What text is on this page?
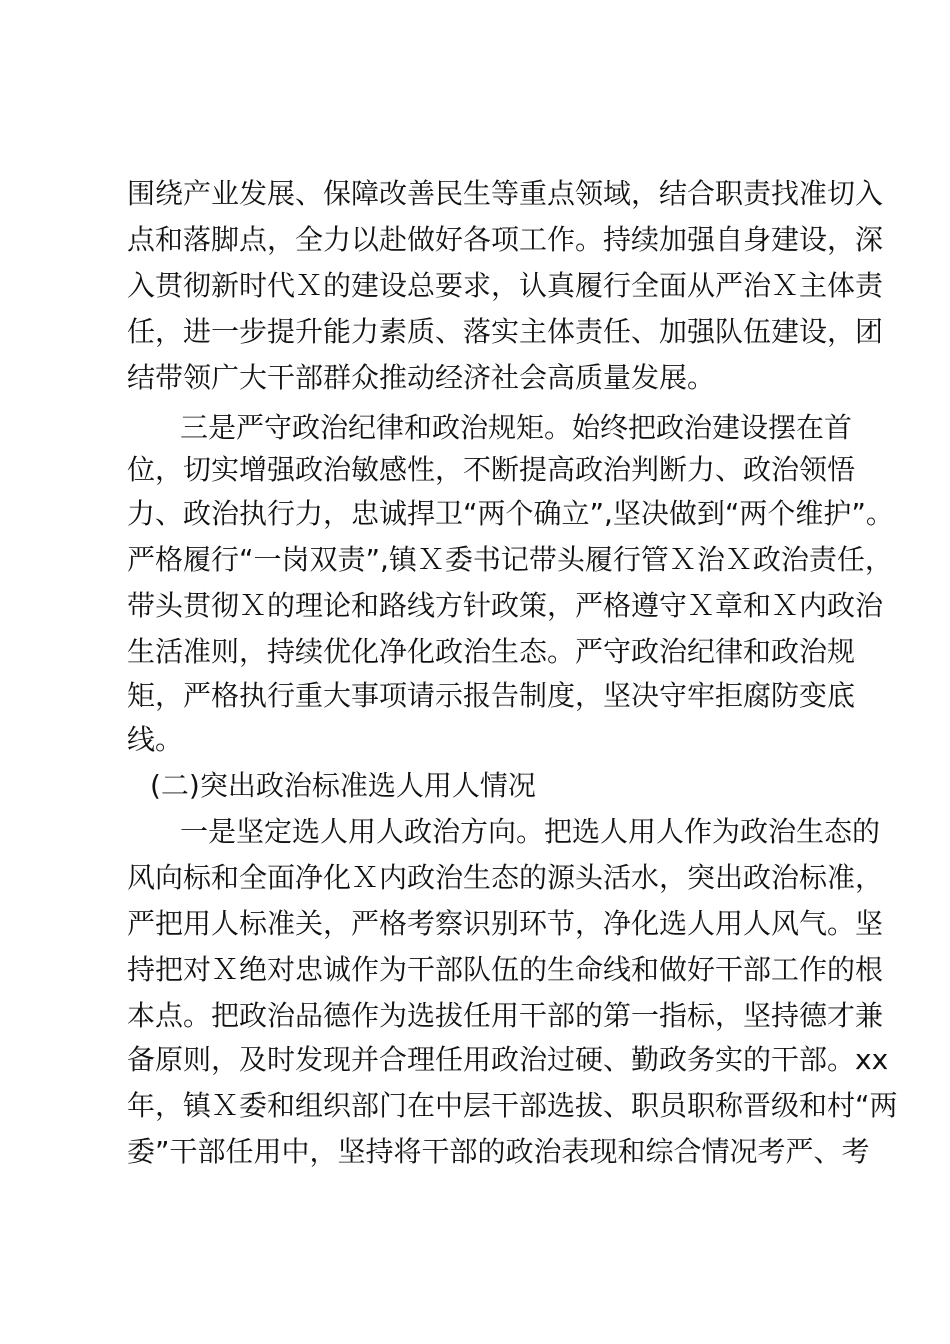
围绕产业发展、保障改善民生等重点领域，结合职责找准切入
点和落脚点，全力以赴做好各项工作。持续加强自身建设，深
入贯彻新时代Ｘ的建设总要求，认真履行全面从严治Ｘ主体责
任，进一步提升能力素质、落实主体责任、加强队伍建设，团
结带领广大干部群众推动经济社会高质量发展。
三是严守政治纪律和政治规矩。始终把政治建设摆在首
位，切实增强政治敏感性，不断提高政治判断力、政治领悟
力、政治执行力，忠诚捍卫“两个确立”,坚决做到“两个维护”。
严格履行“一岗双责”,镇Ｘ委书记带头履行管Ｘ治Ｘ政治责任，
带头贯彻Ｘ的理论和路线方针政策，严格遵守Ｘ章和Ｘ内政治
生活准则，持续优化净化政治生态。严守政治纪律和政治规
矩，严格执行重大事项请示报告制度，坚决守牢拒腐防变底
线。
(二)突出政治标准选人用人情况
一是坚定选人用人政治方向。把选人用人作为政治生态的
风向标和全面净化Ｘ内政治生态的源头活水，突出政治标准，
严把用人标准关，严格考察识别环节，净化选人用人风气。坚
持把对Ｘ绝对忠诚作为干部队伍的生命线和做好干部工作的根
本点。把政治品德作为选拔任用干部的第一指标，坚持德才兼
备原则，及时发现并合理任用政治过硬、勤政务实的干部。xx
年，镇Ｘ委和组织部门在中层干部选拔、职员职称晋级和村“两
委”干部任用中，坚持将干部的政治表现和综合情况考严、考
